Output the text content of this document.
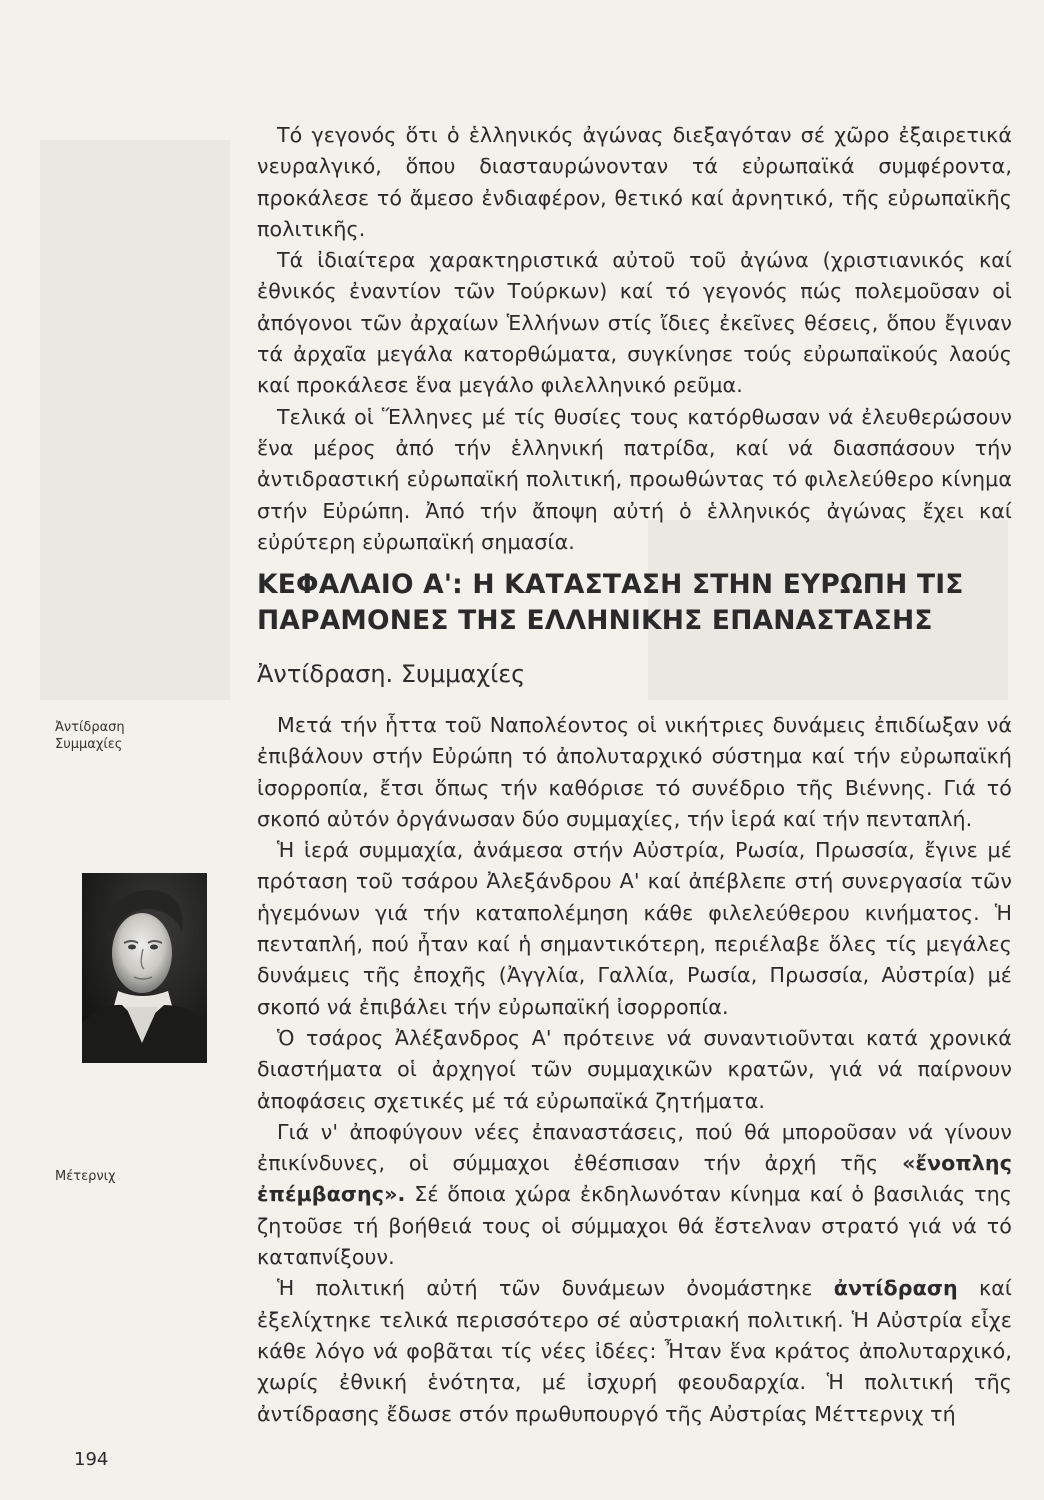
Τό γεγονός ὅτι ὁ ἑλληνικός ἀγώνας διεξαγόταν σέ χῶρο ἐξαιρετικά νευραλγικό, ὅπου διασταυρώνονταν τά εὐρωπαϊκά συμφέροντα, προκάλεσε τό ἄμεσο ἐνδιαφέρον, θετικό καί ἀρνητικό, τῆς εὐρωπαϊκῆς πολιτικῆς.

Τά ἰδιαίτερα χαρακτηριστικά αὐτοῦ τοῦ ἀγώνα (χριστιανικός καί ἐθνικός ἐναντίον τῶν Τούρκων) καί τό γεγονός πώς πολεμοῦσαν οἱ ἀπόγονοι τῶν ἀρχαίων Ἑλλήνων στίς ἴδιες ἐκεῖνες θέσεις, ὅπου ἔγιναν τά ἀρχαῖα μεγάλα κατορθώματα, συγκίνησε τούς εὐρωπαϊκούς λαούς καί προκάλεσε ἕνα μεγάλο φιλελληνικό ρεῦμα.

Τελικά οἱ Ἕλληνες μέ τίς θυσίες τους κατόρθωσαν νά ἐλευθερώσουν ἕνα μέρος ἀπό τήν ἑλληνική πατρίδα, καί νά διασπάσουν τήν ἀντιδραστική εὐρωπαϊκή πολιτική, προωθώντας τό φιλελεύθερο κίνημα στήν Εὐρώπη. Ἀπό τήν ἄποψη αὐτή ὁ ἑλληνικός ἀγώνας ἔχει καί εὐρύτερη εὐρωπαϊκή σημασία.

ΚΕΦΑΛΑΙΟ Α': Η ΚΑΤΑΣΤΑΣΗ ΣΤΗΝ ΕΥΡΩΠΗ ΤΙΣ
ΠΑΡΑΜΟΝΕΣ ΤΗΣ ΕΛΛΗΝΙΚΗΣ ΕΠΑΝΑΣΤΑΣΗΣ
Ἀντίδραση. Συμμαχίες
Ἀντίδραση
Συμμαχίες
Μέτερνιχ

Μετά τήν ἧττα τοῦ Ναπολέοντος οἱ νικήτριες δυνάμεις ἐπιδίωξαν νά ἐπιβάλουν στήν Εὐρώπη τό ἀπολυταρχικό σύστημα καί τήν εὐρωπαϊκή ἰσορροπία, ἔτσι ὅπως τήν καθόρισε τό συνέδριο τῆς Βιέννης. Γιά τό σκοπό αὐτόν ὀργάνωσαν δύο συμμαχίες, τήν ἱερά καί τήν πενταπλή.

Ἡ ἱερά συμμαχία, ἀνάμεσα στήν Αὐστρία, Ρωσία, Πρωσσία, ἔγινε μέ πρόταση τοῦ τσάρου Ἀλεξάνδρου Α' καί ἀπέβλεπε στή συνεργασία τῶν ἡγεμόνων γιά τήν καταπολέμηση κάθε φιλελεύθερου κινήματος. Ἡ πενταπλή, πού ἦταν καί ἡ σημαντικότερη, περιέλαβε ὅλες τίς μεγάλες δυνάμεις τῆς ἐποχῆς (Ἀγγλία, Γαλλία, Ρωσία, Πρωσσία, Αὐστρία) μέ σκοπό νά ἐπιβάλει τήν εὐρωπαϊκή ἰσορροπία.

Ὁ τσάρος Ἀλέξανδρος Α' πρότεινε νά συναντιοῦνται κατά χρονικά διαστήματα οἱ ἀρχηγοί τῶν συμμαχικῶν κρατῶν, γιά νά παίρνουν ἀποφάσεις σχετικές μέ τά εὐρωπαϊκά ζητήματα.

Γιά ν' ἀποφύγουν νέες ἐπαναστάσεις, πού θά μποροῦσαν νά γίνουν ἐπικίνδυνες, οἱ σύμμαχοι ἐθέσπισαν τήν ἀρχή τῆς «ἔνοπλης ἐπέμβασης». Σέ ὅποια χώρα ἐκδηλωνόταν κίνημα καί ὁ βασιλιάς της ζητοῦσε τή βοήθειά τους οἱ σύμμαχοι θά ἔστελναν στρατό γιά νά τό καταπνίξουν.

Ἡ πολιτική αὐτή τῶν δυνάμεων ὀνομάστηκε ἀντίδραση καί ἐξελίχτηκε τελικά περισσότερο σέ αὐστριακή πολιτική. Ἡ Αὐστρία εἶχε κάθε λόγο νά φοβᾶται τίς νέες ἰδέες: Ἦταν ἕνα κράτος ἀπολυταρχικό, χωρίς ἐθνική ἑνότητα, μέ ἰσχυρή φεουδαρχία. Ἡ πολιτική τῆς ἀντίδρασης ἔδωσε στόν πρωθυπουργό τῆς Αὐστρίας Μέττερνιχ τή

194
